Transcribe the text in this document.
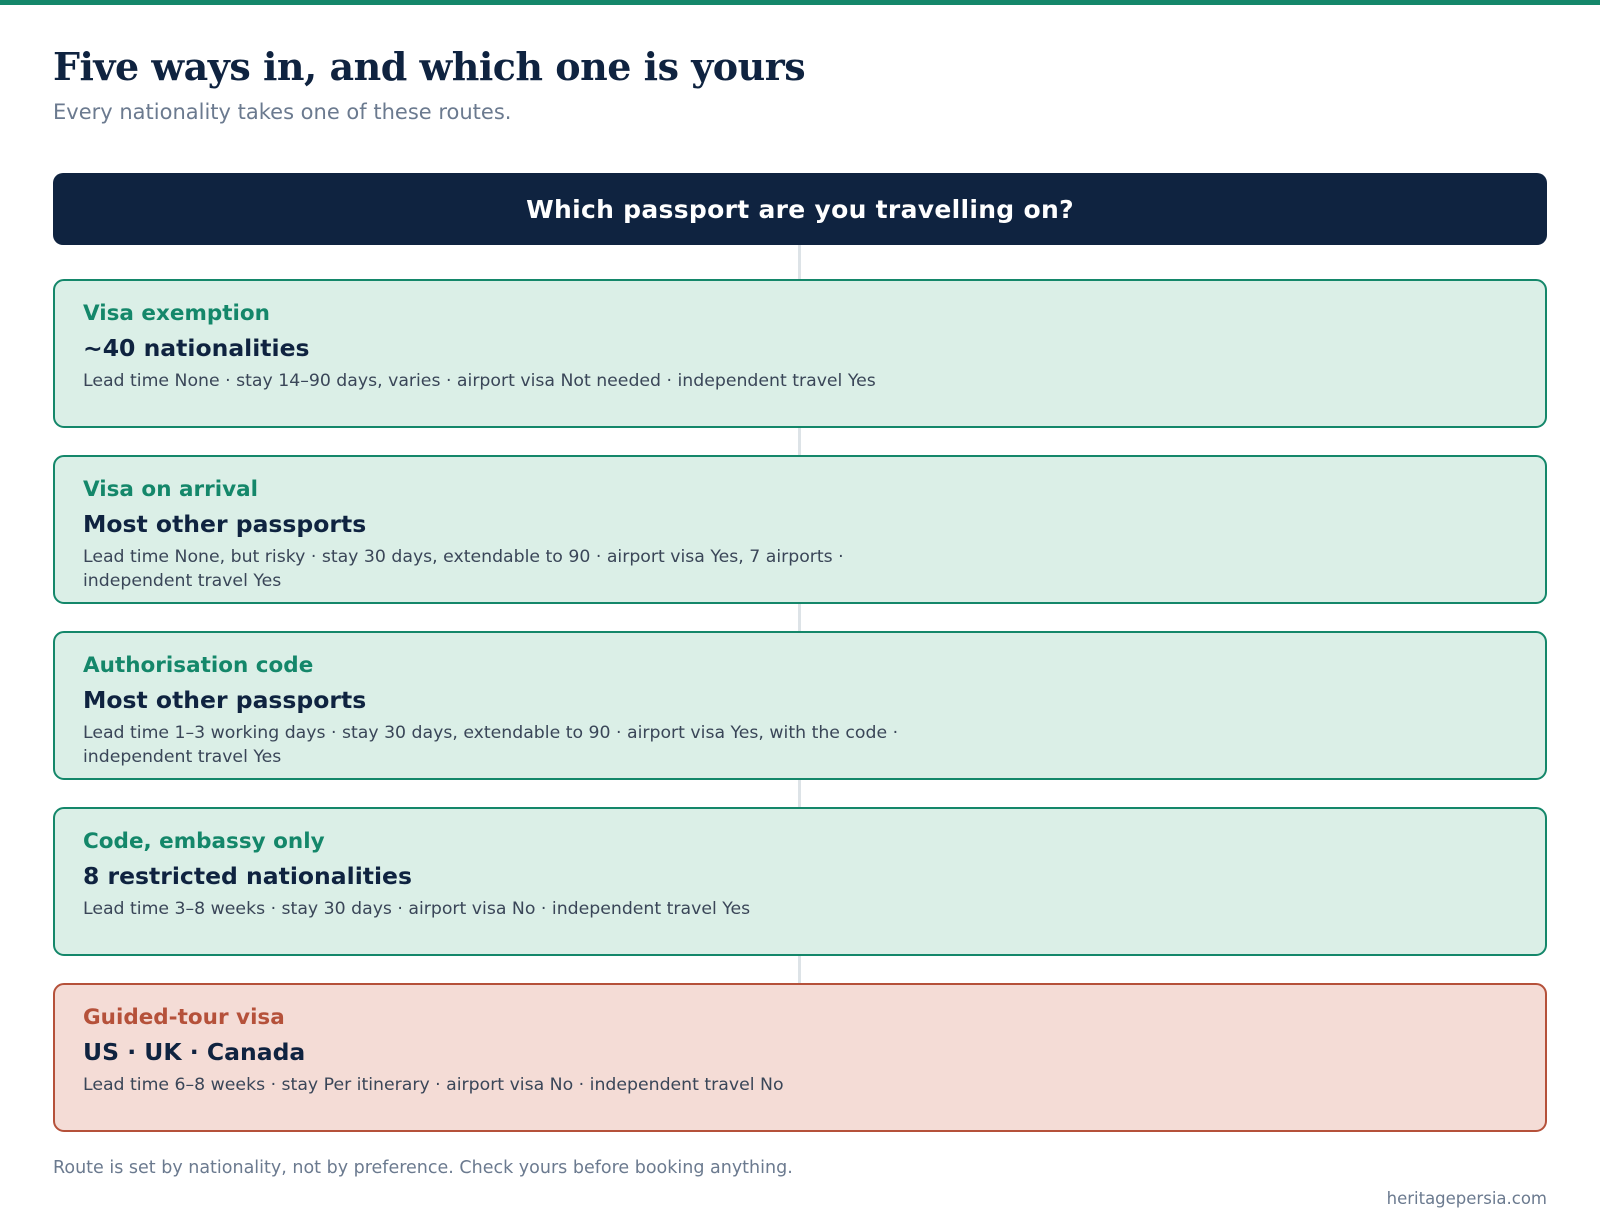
Five ways in, and which one is yours

Every nationality takes one of these routes.

Which passport are you travelling on?
Visa exemption
~40 nationalities
Lead time None · stay 14–90 days, varies · airport visa Not needed · independent travel Yes
Visa on arrival
Most other passports
Lead time None, but risky · stay 30 days, extendable to 90 · airport visa Yes, 7 airports · independent travel Yes
Authorisation code
Most other passports
Lead time 1–3 working days · stay 30 days, extendable to 90 · airport visa Yes, with the code · independent travel Yes
Code, embassy only
8 restricted nationalities
Lead time 3–8 weeks · stay 30 days · airport visa No · independent travel Yes
Guided-tour visa
US · UK · Canada
Lead time 6–8 weeks · stay Per itinerary · airport visa No · independent travel No
Route is set by nationality, not by preference. Check yours before booking anything.
heritagepersia.com
